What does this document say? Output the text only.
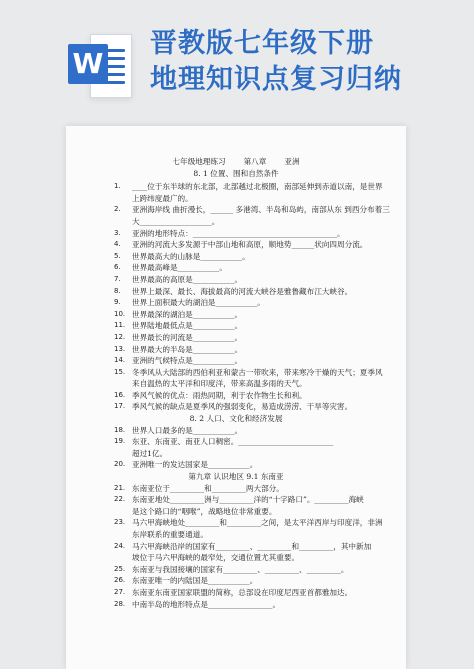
W
晋教版七年级下册
地理知识点复习归纳
七年级地理练习 第八章 亚洲
8. 1 位置、围和自然条件
1. ____位于东半球的东北部，北部越过北极圈，南部延伸到赤道以南，是世界
上跨纬度最广的。
2. 亚洲海岸线 曲折漫长，______ 多港湾、半岛和岛屿，南部从东 到西分布着三
大___________________。
3. 亚洲的地形特点：______________________________________。
4. 亚洲的河流大多发源于中部山地和高原，顺地势______状向四周分流。
5. 世界最高大的山脉是___________。
6. 世界最高峰是___________。
7. 世界最高的高原是___________。
8. 世界上最深、最长、海拔最高的河流大峡谷是雅鲁藏布江大峡谷。
9. 世界上面积最大的湖泊是___________。
10. 世界最深的湖泊是___________。
11. 世界陆地最低点是___________。
12. 世界最长的河流是___________。
13. 世界最大的半岛是___________。
14. 亚洲的气候特点是___________。
15. 冬季风从大陆部的西伯利亚和蒙古一带吹来，带来寒冷干燥的天气；夏季风
来自温热的太平洋和印度洋，带来高温多雨的天气。
16. 季风气候的优点：雨热同期，利于农作物生长和利。
17. 季风气候的缺点是夏季风的强弱变化，易造成涝涝、干旱等灾害。
8. 2 人口、文化和经济发展
18. 世界人口最多的是___________。
19. 东亚、东南亚、南亚人口稠密。_________________________
超过1亿。
20. 亚洲唯一的发达国家是___________。
第九章 认识地区 9.1 东南亚
21. 东南亚位于_________和_________两大部分。
22. 东南亚地处_________洲与_________洋的“十字路口”。_________海峡
是这个路口的“咽喉”，战略地位非常重要。
23. 马六甲海峡地处_________和_________之间，是太平洋西岸与印度洋，非洲
东岸联系的重要通道。
24. 马六甲海峡沿岸的国家有_________、_________和_________，其中新加
坡位于马六甲海峡的最窄处，交通位置尤其重要。
25. 东南亚与我国接壤的国家有_________、_________、_________。
26. 东南亚唯一的内陆国是___________。
27. 东南亚东南亚国家联盟的简称，总部设在印度尼西亚首都雅加达。
28. 中南半岛的地形特点是_________________。
